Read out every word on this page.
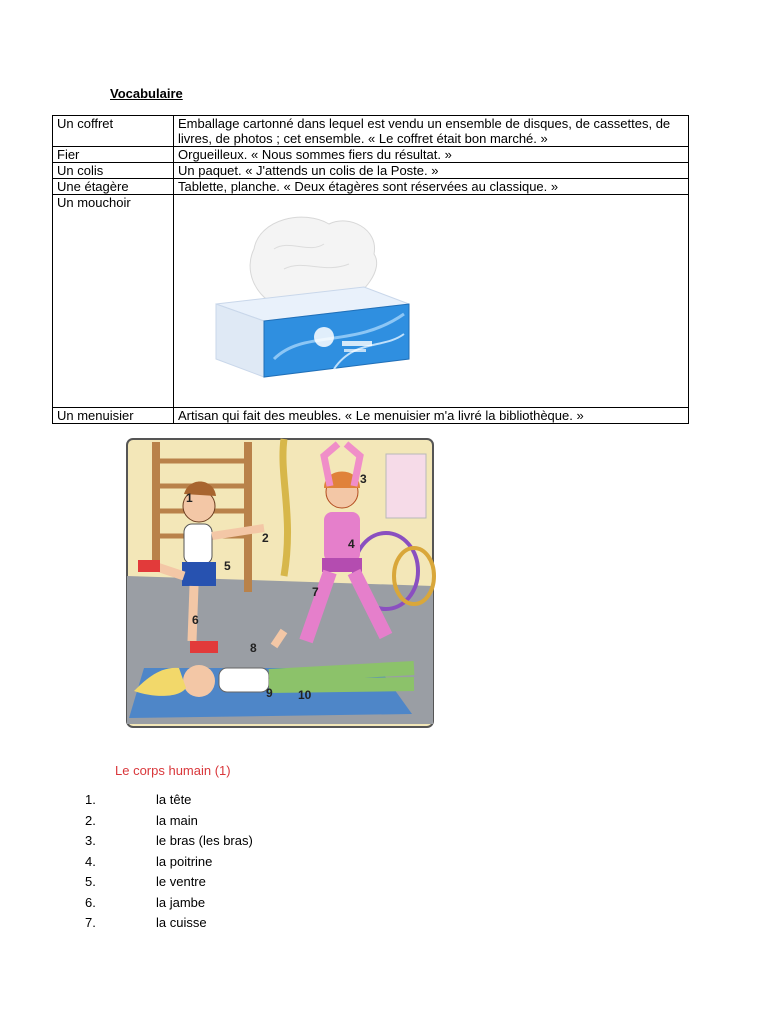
Vocabulaire
Un coffret	Emballage cartonné dans lequel est vendu un ensemble de disques, de cassettes, de livres, de photos ; cet ensemble. « Le coffret était bon marché. »
Fier	Orgueilleux. « Nous sommes fiers du résultat. »
Un colis	Un paquet. « J'attends un colis de la Poste. »
Une étagère	Tablette, planche. « Deux étagères sont réservées au classique. »
Un mouchoir	

Un menuisier	Artisan qui fait des meubles. « Le menuisier m'a livré la bibliothèque. »
1
2
3
4
5
6
7
8
9 10
Le corps humain (1)
1.	la tête
2.	la main
3.	le bras (les bras)
4.	la poitrine
5.	le ventre
6.	la jambe
7.	la cuisse
